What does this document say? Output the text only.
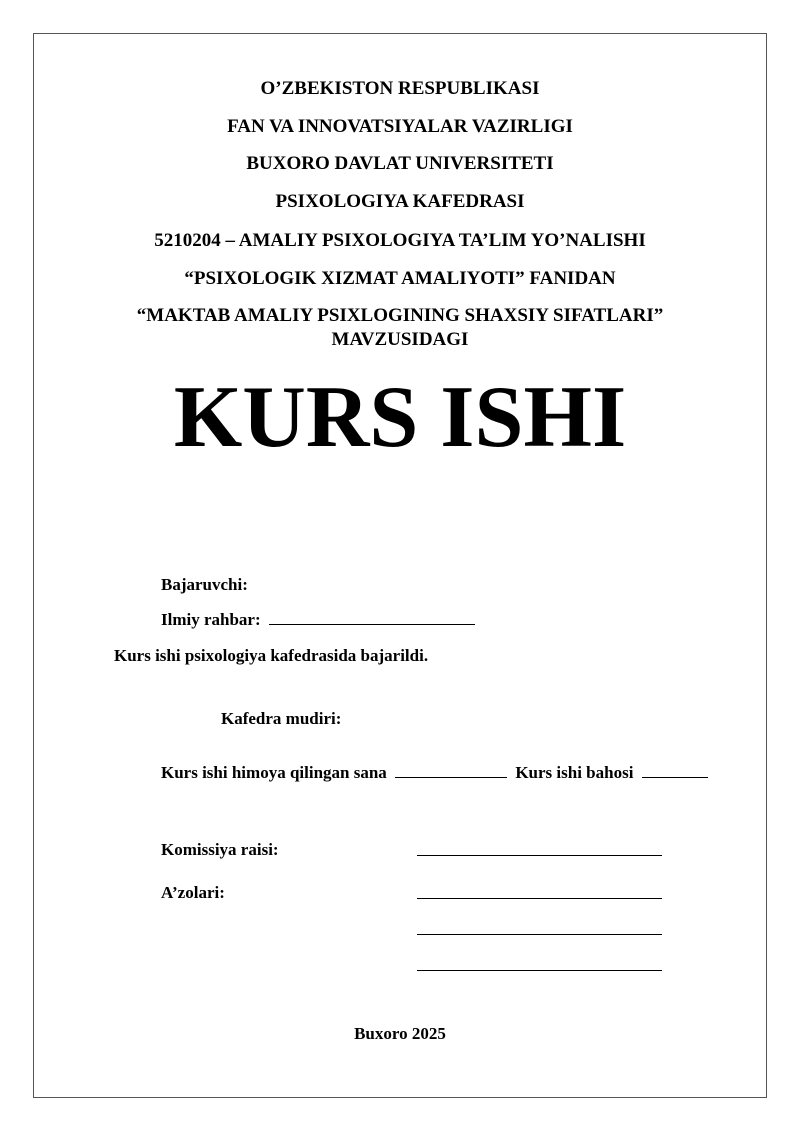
O’ZBEKISTON RESPUBLIKASI
FAN VA INNOVATSIYALAR VAZIRLIGI
BUXORO DAVLAT UNIVERSITETI
PSIXOLOGIYA KAFEDRASI
5210204 – AMALIY PSIXOLOGIYA TA’LIM YO’NALISHI
“PSIXOLOGIK XIZMAT AMALIYOTI” FANIDAN
“MAKTAB AMALIY PSIXLOGINING SHAXSIY SIFATLARI”
MAVZUSIDAGI
KURS ISHI
Bajaruvchi:
Ilmiy rahbar:
Kurs ishi psixologiya kafedrasida bajarildi.
Kafedra mudiri:
Kurs ishi himoya qilingan sana	Kurs ishi bahosi
Komissiya raisi:
A’zolari:
Buxoro 2025
